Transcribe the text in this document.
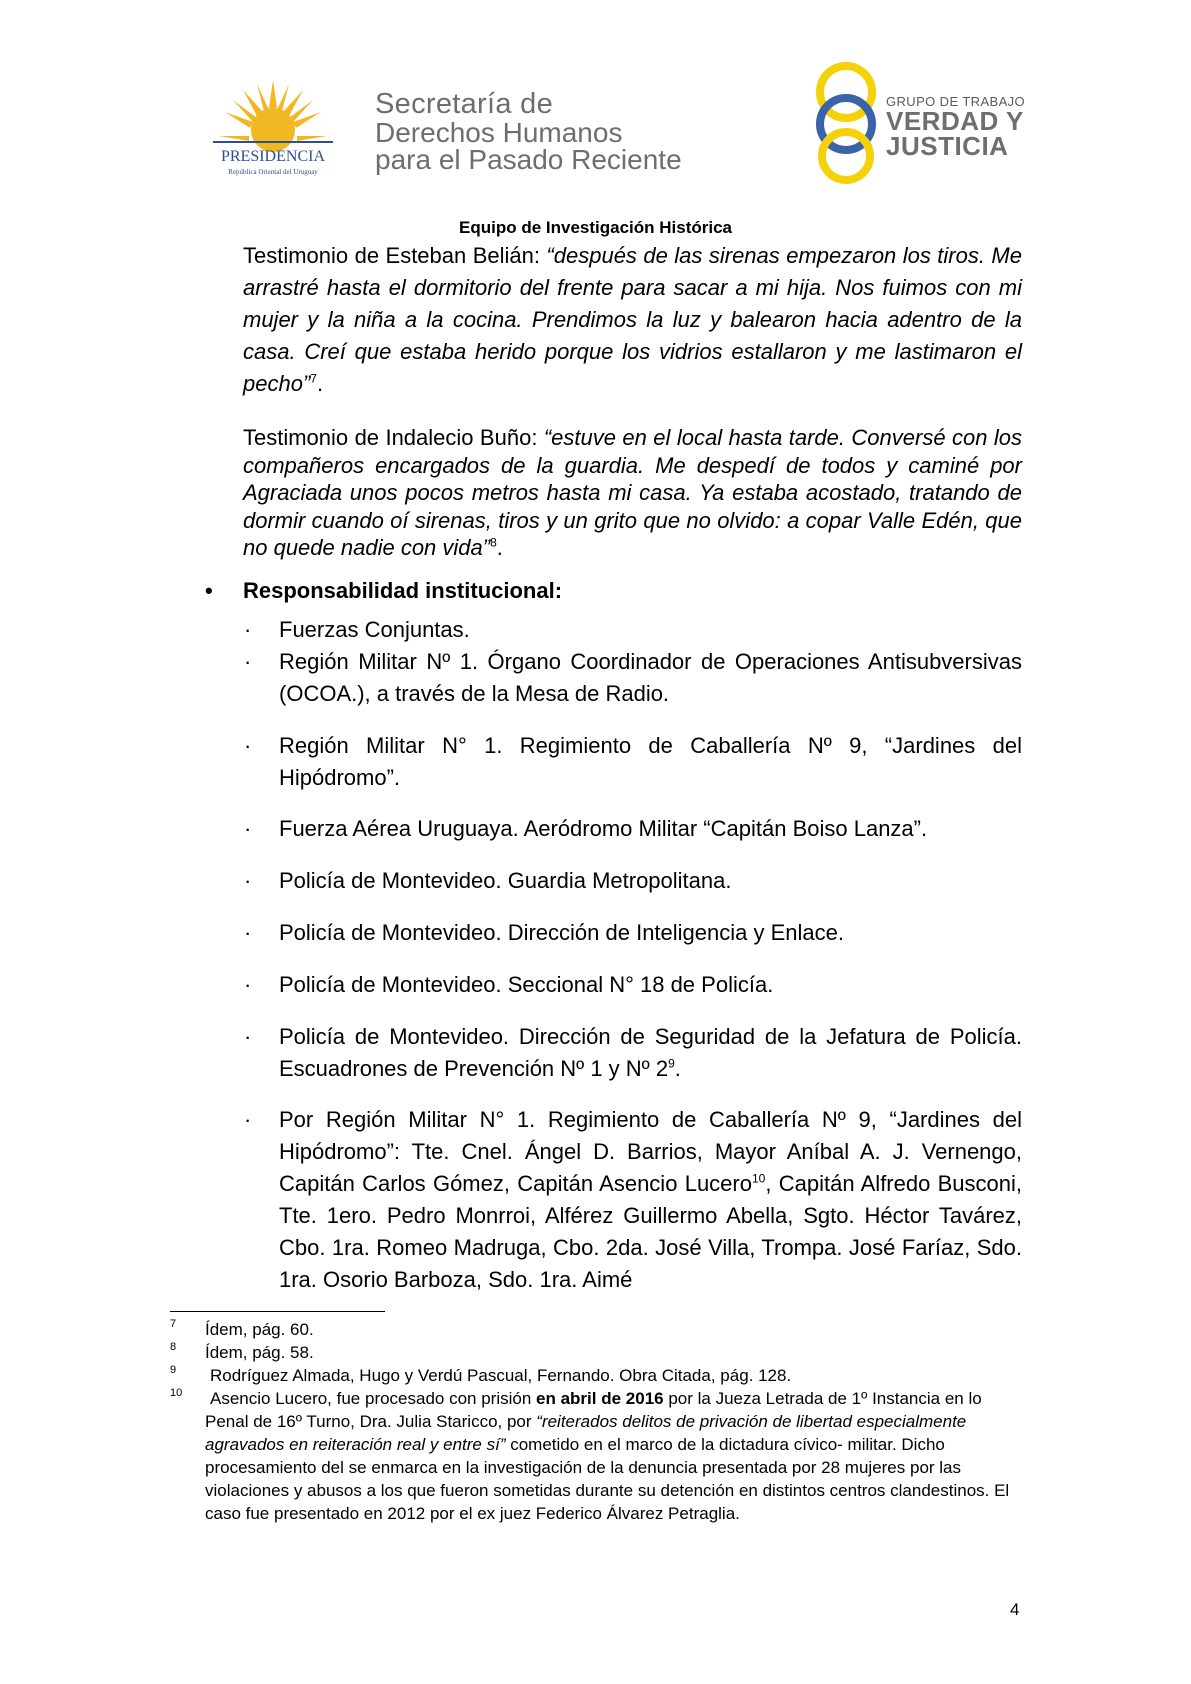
PRESIDENCIA
República Oriental del Uruguay
Secretaría de
Derechos Humanos
para el Pasado Reciente
GRUPO DE TRABAJO
VERDAD Y
JUSTICIA
Equipo de Investigación Histórica
Testimonio de Esteban Belián: “después de las sirenas empezaron los tiros. Me arrastré hasta el dormitorio del frente para sacar a mi hija. Nos fuimos con mi mujer y la niña a la cocina. Prendimos la luz y balearon hacia adentro de la casa. Creí que estaba herido porque los vidrios estallaron y me lastimaron el pecho”$^7$.
Testimonio de Indalecio Buño: “estuve en el local hasta tarde. Conversé con los compañeros encargados de la guardia. Me despedí de todos y caminé por Agraciada unos pocos metros hasta mi casa. Ya estaba acostado, tratando de dormir cuando oí sirenas, tiros y un grito que no olvido: a copar Valle Edén, que no quede nadie con vida”$^8$.
• Responsabilidad institucional:
· Fuerzas Conjuntas.
· Región Militar Nº 1. Órgano Coordinador de Operaciones Antisubversivas (OCOA.), a través de la Mesa de Radio.
· Región Militar N° 1. Regimiento de Caballería Nº 9, “Jardines del Hipódromo”.
· Fuerza Aérea Uruguaya. Aeródromo Militar “Capitán Boiso Lanza”.
· Policía de Montevideo. Guardia Metropolitana.
· Policía de Montevideo. Dirección de Inteligencia y Enlace.
· Policía de Montevideo. Seccional N° 18 de Policía.
· Policía de Montevideo. Dirección de Seguridad de la Jefatura de Policía. Escuadrones de Prevención Nº 1 y Nº $2^9$.
· Por Región Militar N° 1. Regimiento de Caballería Nº 9, “Jardines del Hipódromo”: Tte. Cnel. Ángel D. Barrios, Mayor Aníbal A. J. Vernengo, Capitán Carlos Gómez, Capitán Asencio Lucero$^{10}$, Capitán Alfredo Busconi, Tte. 1ero. Pedro Monrroi, Alférez Guillermo Abella, Sgto. Héctor Tavárez, Cbo. 1ra. Romeo Madruga, Cbo. 2da. José Villa, Trompa. José Faríaz, Sdo. 1ra. Osorio Barboza, Sdo. 1ra. Aimé
7 Ídem, pág. 60.
8 Ídem, pág. 58.
9 Rodríguez Almada, Hugo y Verdú Pascual, Fernando. Obra Citada, pág. 128.
10 Asencio Lucero, fue procesado con prisión en abril de 2016 por la Jueza Letrada de 1º Instancia en lo Penal de 16º Turno, Dra. Julia Staricco, por “reiterados delitos de privación de libertad especialmente agravados en reiteración real y entre sí” cometido en el marco de la dictadura cívico- militar. Dicho procesamiento del se enmarca en la investigación de la denuncia presentada por 28 mujeres por las violaciones y abusos a los que fueron sometidas durante su detención en distintos centros clandestinos. El caso fue presentado en 2012 por el ex juez Federico Álvarez Petraglia.
4
